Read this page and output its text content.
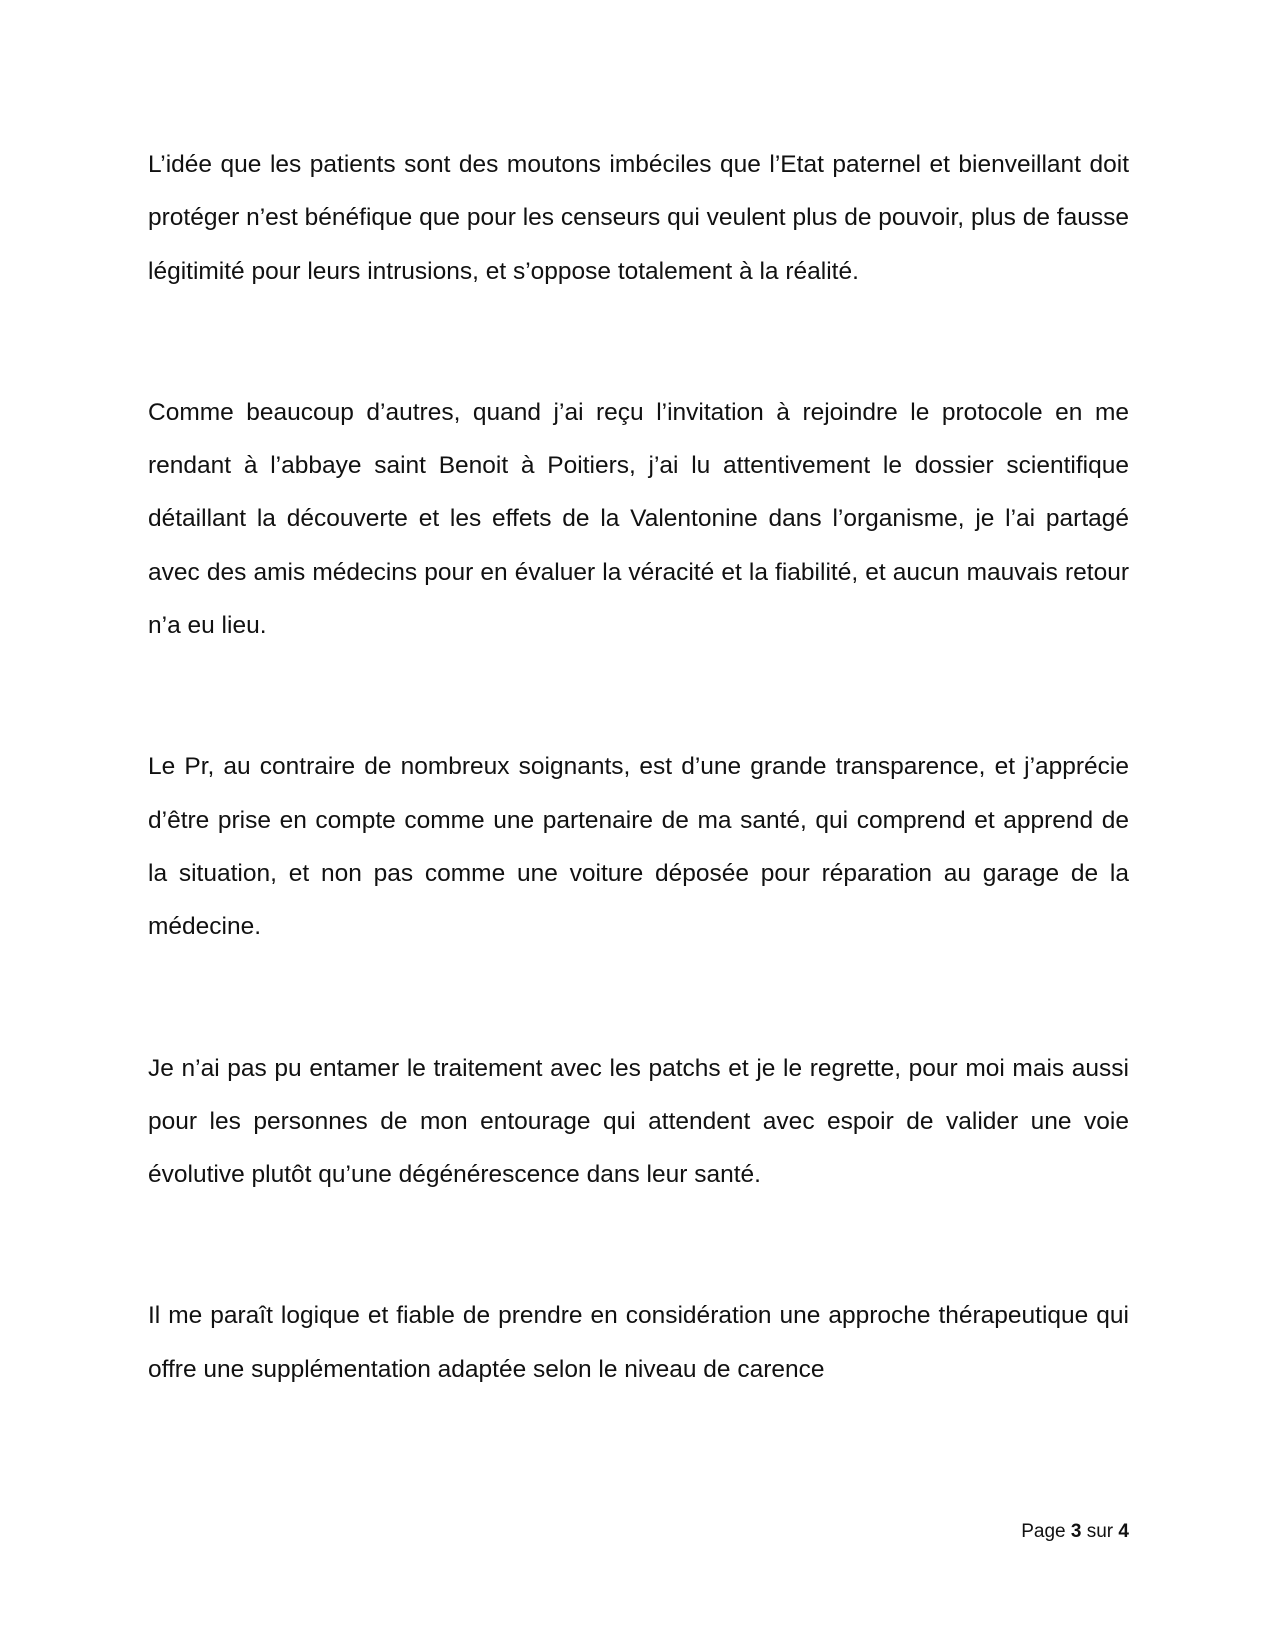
L’idée que les patients sont des moutons imbéciles que l’Etat paternel et bienveillant doit protéger n’est bénéfique que pour les censeurs qui veulent plus de pouvoir, plus de fausse légitimité pour leurs intrusions, et s’oppose totalement à la réalité.

Comme beaucoup d’autres, quand j’ai reçu l’invitation à rejoindre le protocole en me rendant à l’abbaye saint Benoit à Poitiers, j’ai lu attentivement le dossier scientifique détaillant la découverte et les effets de la Valentonine dans l’organisme, je l’ai partagé avec des amis médecins pour en évaluer la véracité et la fiabilité, et aucun mauvais retour n’a eu lieu.

Le Pr, au contraire de nombreux soignants, est d’une grande transparence, et j’apprécie d’être prise en compte comme une partenaire de ma santé, qui comprend et apprend de la situation, et non pas comme une voiture déposée pour réparation au garage de la médecine.

Je n’ai pas pu entamer le traitement avec les patchs et je le regrette, pour moi mais aussi pour les personnes de mon entourage qui attendent avec espoir de valider une voie évolutive plutôt qu’une dégénérescence dans leur santé.

Il me paraît logique et fiable de prendre en considération une approche thérapeutique qui offre une supplémentation adaptée selon le niveau de carence

Page 3 sur 4
